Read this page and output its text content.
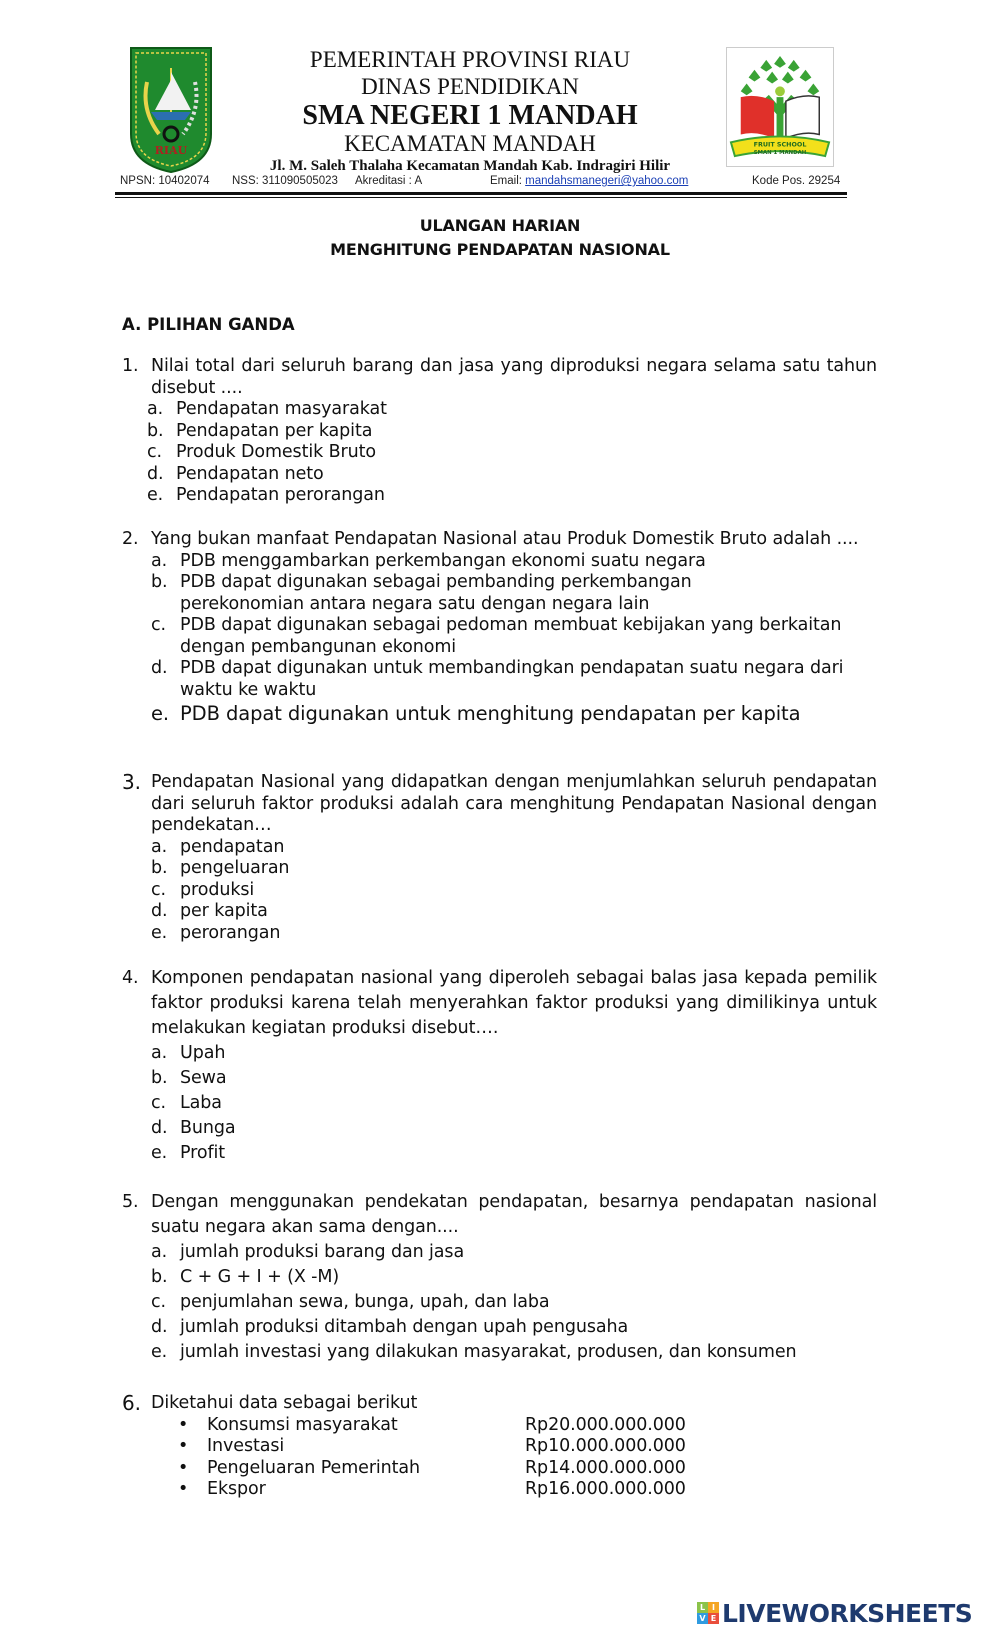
RIAU
PEMERINTAH PROVINSI RIAU
DINAS PENDIDIKAN
SMA NEGERI 1 MANDAH
KECAMATAN MANDAH
Jl. M. Saleh Thalaha Kecamatan Mandah Kab. Indragiri Hilir
FRUIT SCHOOL
SMAN 1 MANDAH
NPSN: 10402074 NSS: 311090505023 Akreditasi : A	Email: mandahsmanegeri@yahoo.com	Kode Pos. 29254
ULANGAN HARIAN
MENGHITUNG PENDAPATAN NASIONAL
A. PILIHAN GANDA
1. Nilai total dari seluruh barang dan jasa yang diproduksi negara selama satu tahun disebut ....
a. Pendapatan masyarakat
b. Pendapatan per kapita
c. Produk Domestik Bruto
d. Pendapatan neto
e. Pendapatan perorangan
2. Yang bukan manfaat Pendapatan Nasional atau Produk Domestik Bruto adalah ....
a. PDB menggambarkan perkembangan ekonomi suatu negara
b. PDB dapat digunakan sebagai pembanding perkembangan perekonomian antara negara satu dengan negara lain
c. PDB dapat digunakan sebagai pedoman membuat kebijakan yang berkaitan dengan pembangunan ekonomi
d. PDB dapat digunakan untuk membandingkan pendapatan suatu negara dari waktu ke waktu
e. PDB dapat digunakan untuk menghitung pendapatan per kapita
3. Pendapatan Nasional yang didapatkan dengan menjumlahkan seluruh pendapatan dari seluruh faktor produksi adalah cara menghitung Pendapatan Nasional dengan pendekatan…
a. pendapatan
b. pengeluaran
c. produksi
d. per kapita
e. perorangan
4. Komponen pendapatan nasional yang diperoleh sebagai balas jasa kepada pemilik faktor produksi karena telah menyerahkan faktor produksi yang dimilikinya untuk melakukan kegiatan produksi disebut….
a. Upah
b. Sewa
c. Laba
d. Bunga
e. Profit
5. Dengan menggunakan pendekatan pendapatan, besarnya pendapatan nasional suatu negara akan sama dengan....
a. jumlah produksi barang dan jasa
b. C + G + I + (X -M)
c. penjumlahan sewa, bunga, upah, dan laba
d. jumlah produksi ditambah dengan upah pengusaha
e. jumlah investasi yang dilakukan masyarakat, produsen, dan konsumen
6. Diketahui data sebagai berikut
• Konsumsi masyarakat	Rp20.000.000.000
• Investasi	Rp10.000.000.000
• Pengeluaran Pemerintah	Rp14.000.000.000
• Ekspor	Rp16.000.000.000
L I
V E LIVEWORKSHEETS
